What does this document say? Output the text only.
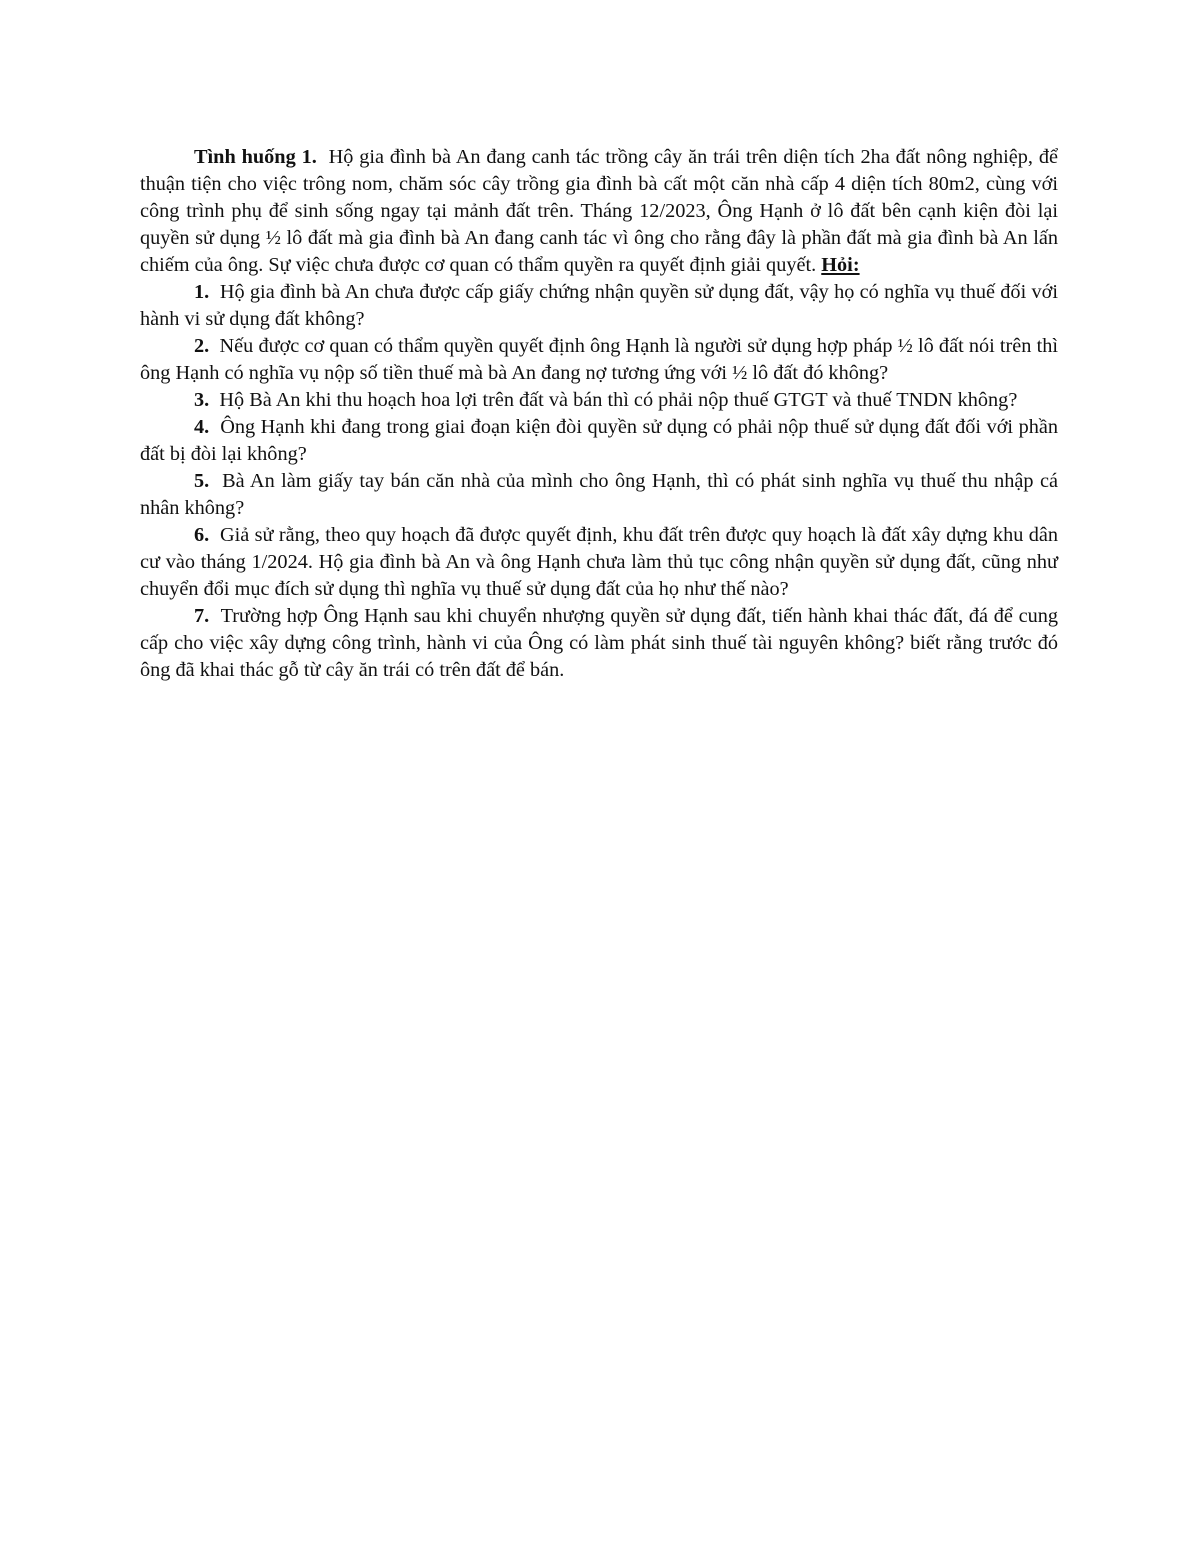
Tình huống 1. Hộ gia đình bà An đang canh tác trồng cây ăn trái trên diện tích 2ha đất nông nghiệp, để thuận tiện cho việc trông nom, chăm sóc cây trồng gia đình bà cất một căn nhà cấp 4 diện tích 80m2, cùng với công trình phụ để sinh sống ngay tại mảnh đất trên. Tháng 12/2023, Ông Hạnh ở lô đất bên cạnh kiện đòi lại quyền sử dụng ½ lô đất mà gia đình bà An đang canh tác vì ông cho rằng đây là phần đất mà gia đình bà An lấn chiếm của ông. Sự việc chưa được cơ quan có thẩm quyền ra quyết định giải quyết. Hỏi:

1. Hộ gia đình bà An chưa được cấp giấy chứng nhận quyền sử dụng đất, vậy họ có nghĩa vụ thuế đối với hành vi sử dụng đất không?

2. Nếu được cơ quan có thẩm quyền quyết định ông Hạnh là người sử dụng hợp pháp ½ lô đất nói trên thì ông Hạnh có nghĩa vụ nộp số tiền thuế mà bà An đang nợ tương ứng với ½ lô đất đó không?

3. Hộ Bà An khi thu hoạch hoa lợi trên đất và bán thì có phải nộp thuế GTGT và thuế TNDN không?

4. Ông Hạnh khi đang trong giai đoạn kiện đòi quyền sử dụng có phải nộp thuế sử dụng đất đối với phần đất bị đòi lại không?

5. Bà An làm giấy tay bán căn nhà của mình cho ông Hạnh, thì có phát sinh nghĩa vụ thuế thu nhập cá nhân không?

6. Giả sử rằng, theo quy hoạch đã được quyết định, khu đất trên được quy hoạch là đất xây dựng khu dân cư vào tháng 1/2024. Hộ gia đình bà An và ông Hạnh chưa làm thủ tục công nhận quyền sử dụng đất, cũng như chuyển đổi mục đích sử dụng thì nghĩa vụ thuế sử dụng đất của họ như thế nào?

7. Trường hợp Ông Hạnh sau khi chuyển nhượng quyền sử dụng đất, tiến hành khai thác đất, đá để cung cấp cho việc xây dựng công trình, hành vi của Ông có làm phát sinh thuế tài nguyên không? biết rằng trước đó ông đã khai thác gỗ từ cây ăn trái có trên đất để bán.
